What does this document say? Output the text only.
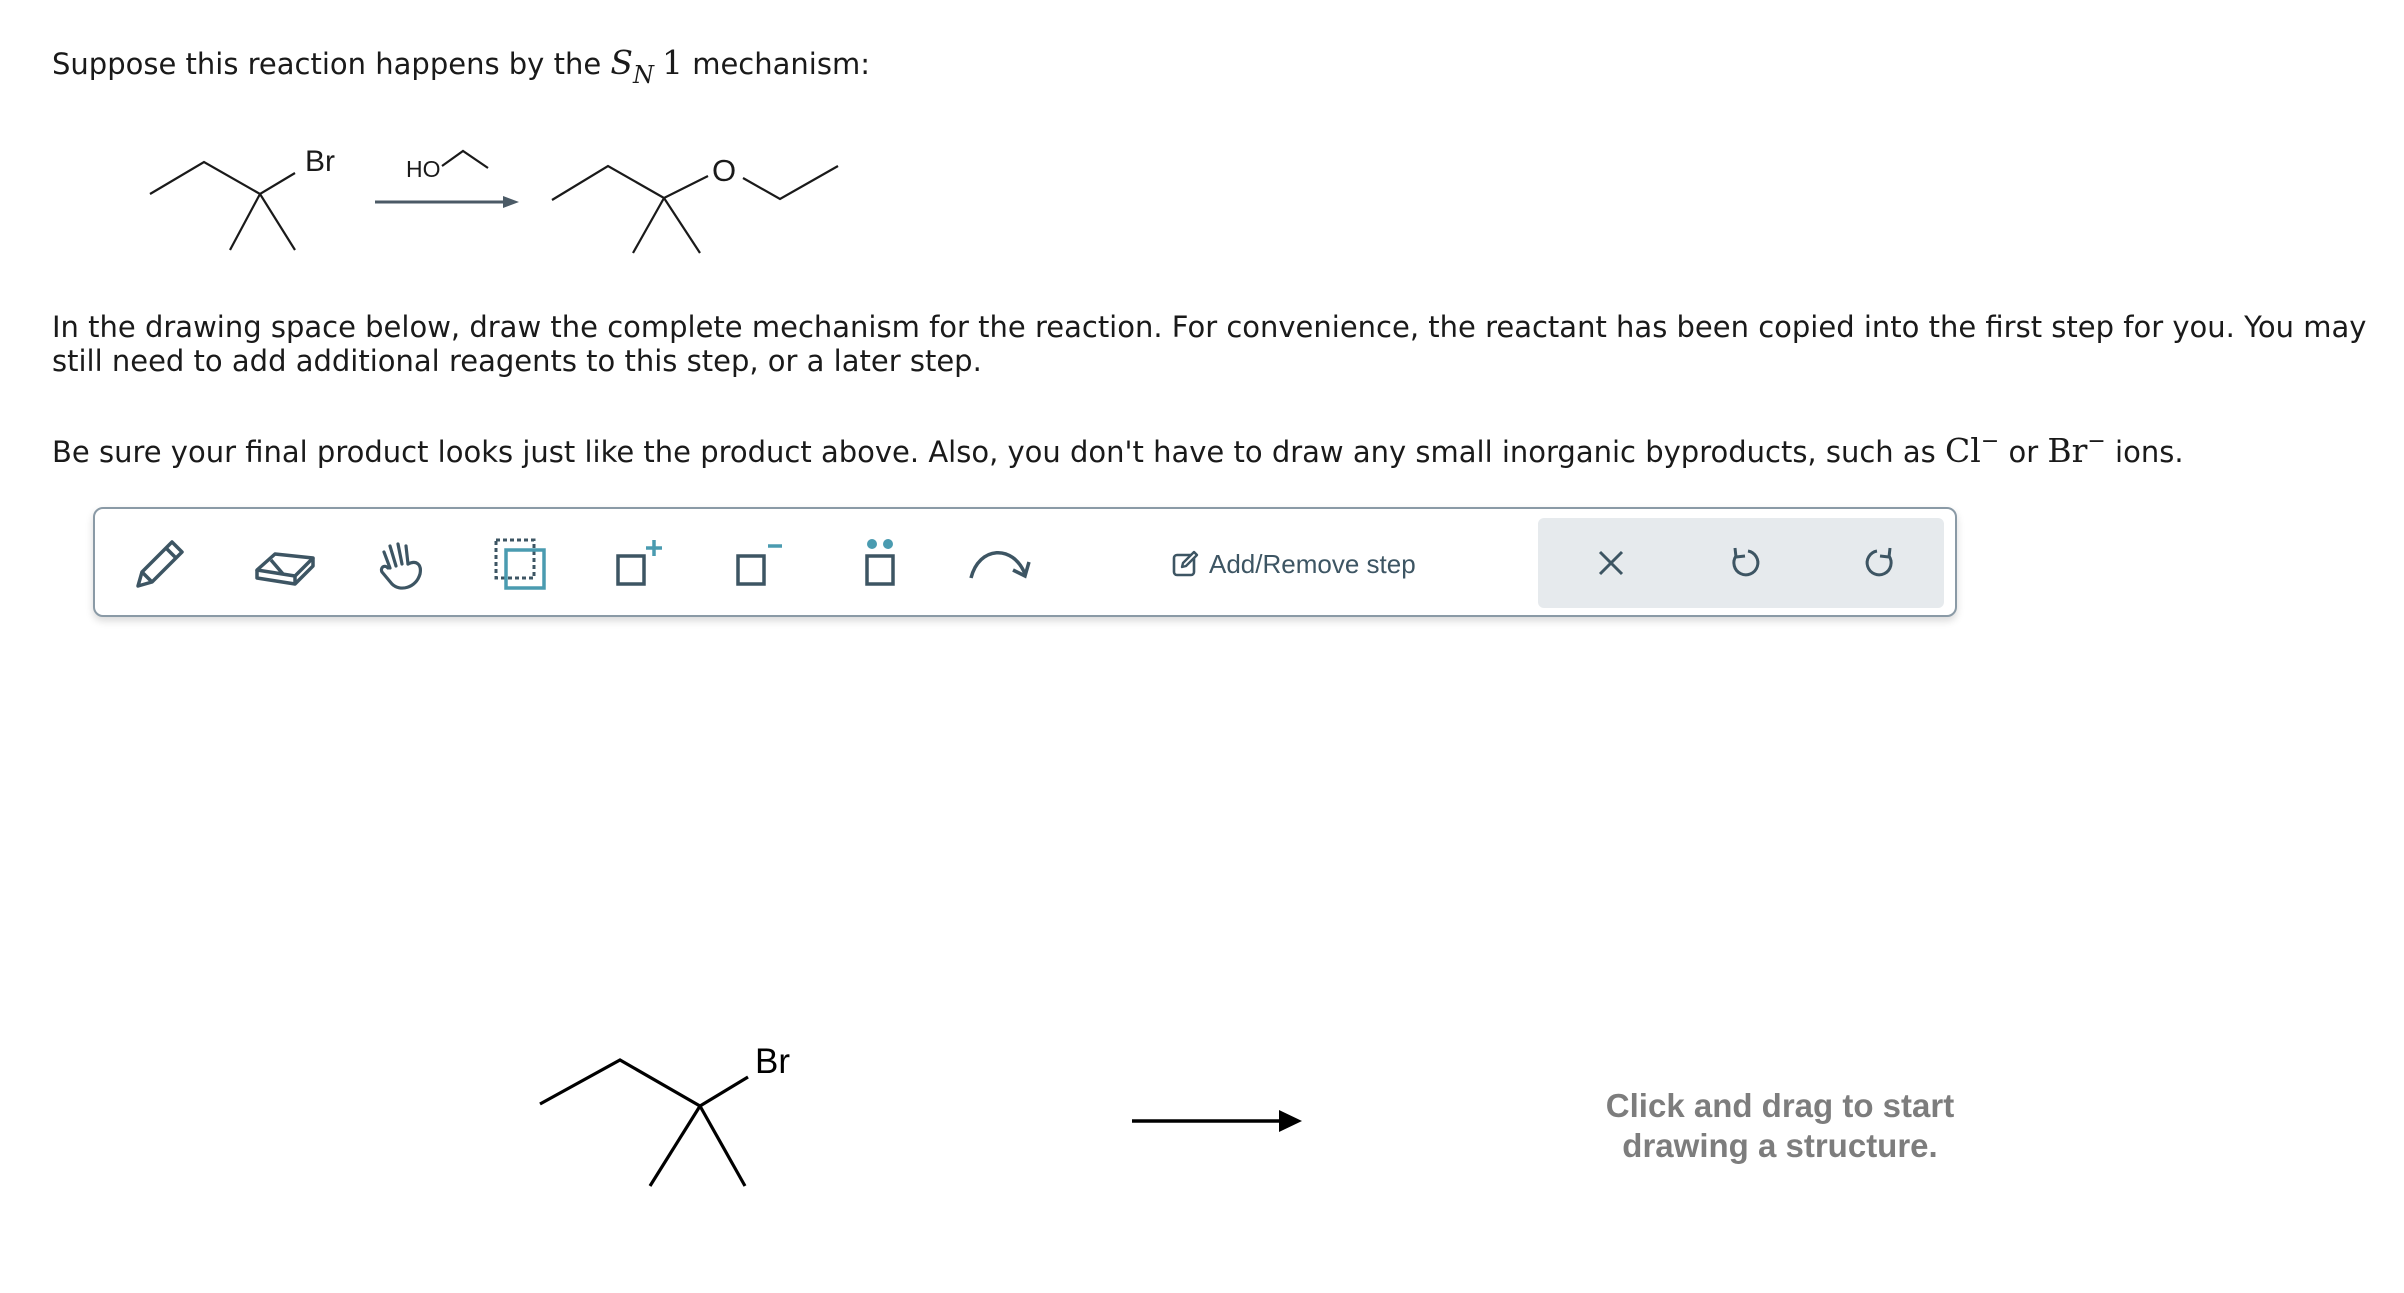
Suppose this reaction happens by the $S_N$ 1 mechanism:

Br	HO	O
Br

In the drawing space below, draw the complete mechanism for the reaction. For convenience, the reactant has been copied into the first step for you. You may still need to add additional reagents to this step, or a later step.

Be sure your final product looks just like the product above. Also, you don't have to draw any small inorganic byproducts, such as Cl− or Br− ions.

Add/Remove step
Click and drag to start
drawing a structure.
